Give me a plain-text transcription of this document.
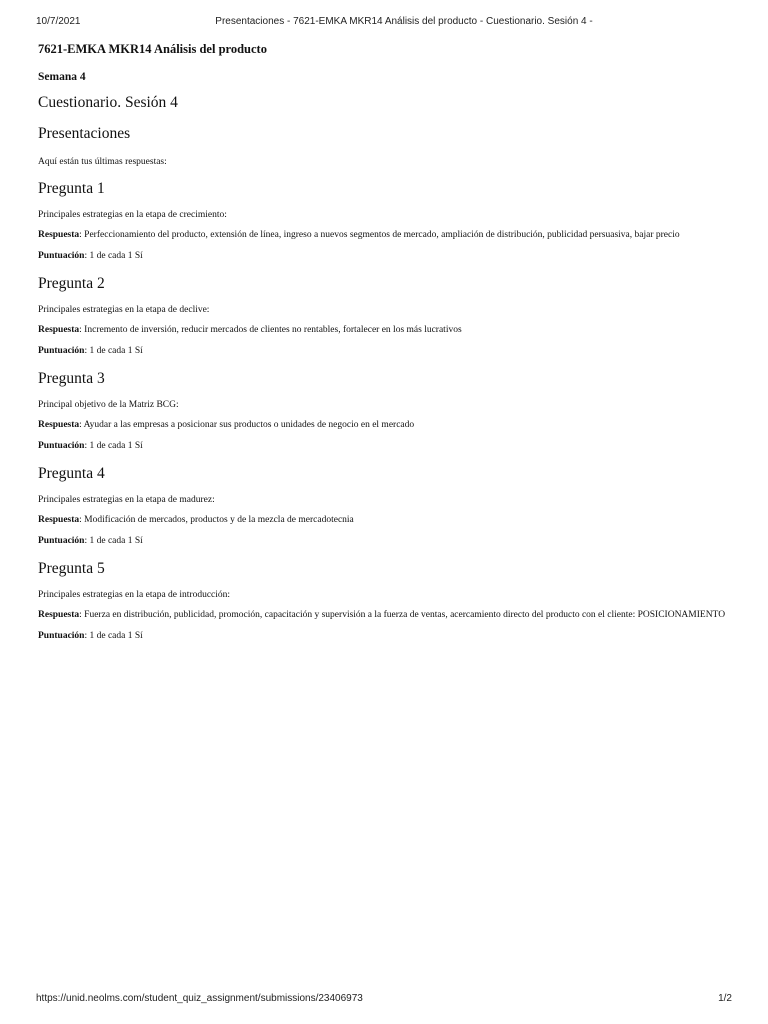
10/7/2021	Presentaciones - 7621-EMKA MKR14 Análisis del producto - Cuestionario. Sesión 4 -
7621-EMKA MKR14 Análisis del producto
Semana 4
Cuestionario. Sesión 4
Presentaciones
Aquí están tus últimas respuestas:
Pregunta 1
Principales estrategias en la etapa de crecimiento:
Respuesta: Perfeccionamiento del producto, extensión de línea, ingreso a nuevos segmentos de mercado, ampliación de distribución, publicidad persuasiva, bajar precio
Puntuación: 1 de cada 1 Sí
Pregunta 2
Principales estrategias en la etapa de declive:
Respuesta: Incremento de inversión, reducir mercados de clientes no rentables, fortalecer en los más lucrativos
Puntuación: 1 de cada 1 Sí
Pregunta 3
Principal objetivo de la Matriz BCG:
Respuesta: Ayudar a las empresas a posicionar sus productos o unidades de negocio en el mercado
Puntuación: 1 de cada 1 Sí
Pregunta 4
Principales estrategias en la etapa de madurez:
Respuesta: Modificación de mercados, productos y de la mezcla de mercadotecnia
Puntuación: 1 de cada 1 Sí
Pregunta 5
Principales estrategias en la etapa de introducción:
Respuesta: Fuerza en distribución, publicidad, promoción, capacitación y supervisión a la fuerza de ventas, acercamiento directo del producto con el cliente: POSICIONAMIENTO
Puntuación: 1 de cada 1 Sí
https://unid.neolms.com/student_quiz_assignment/submissions/23406973	1/2
